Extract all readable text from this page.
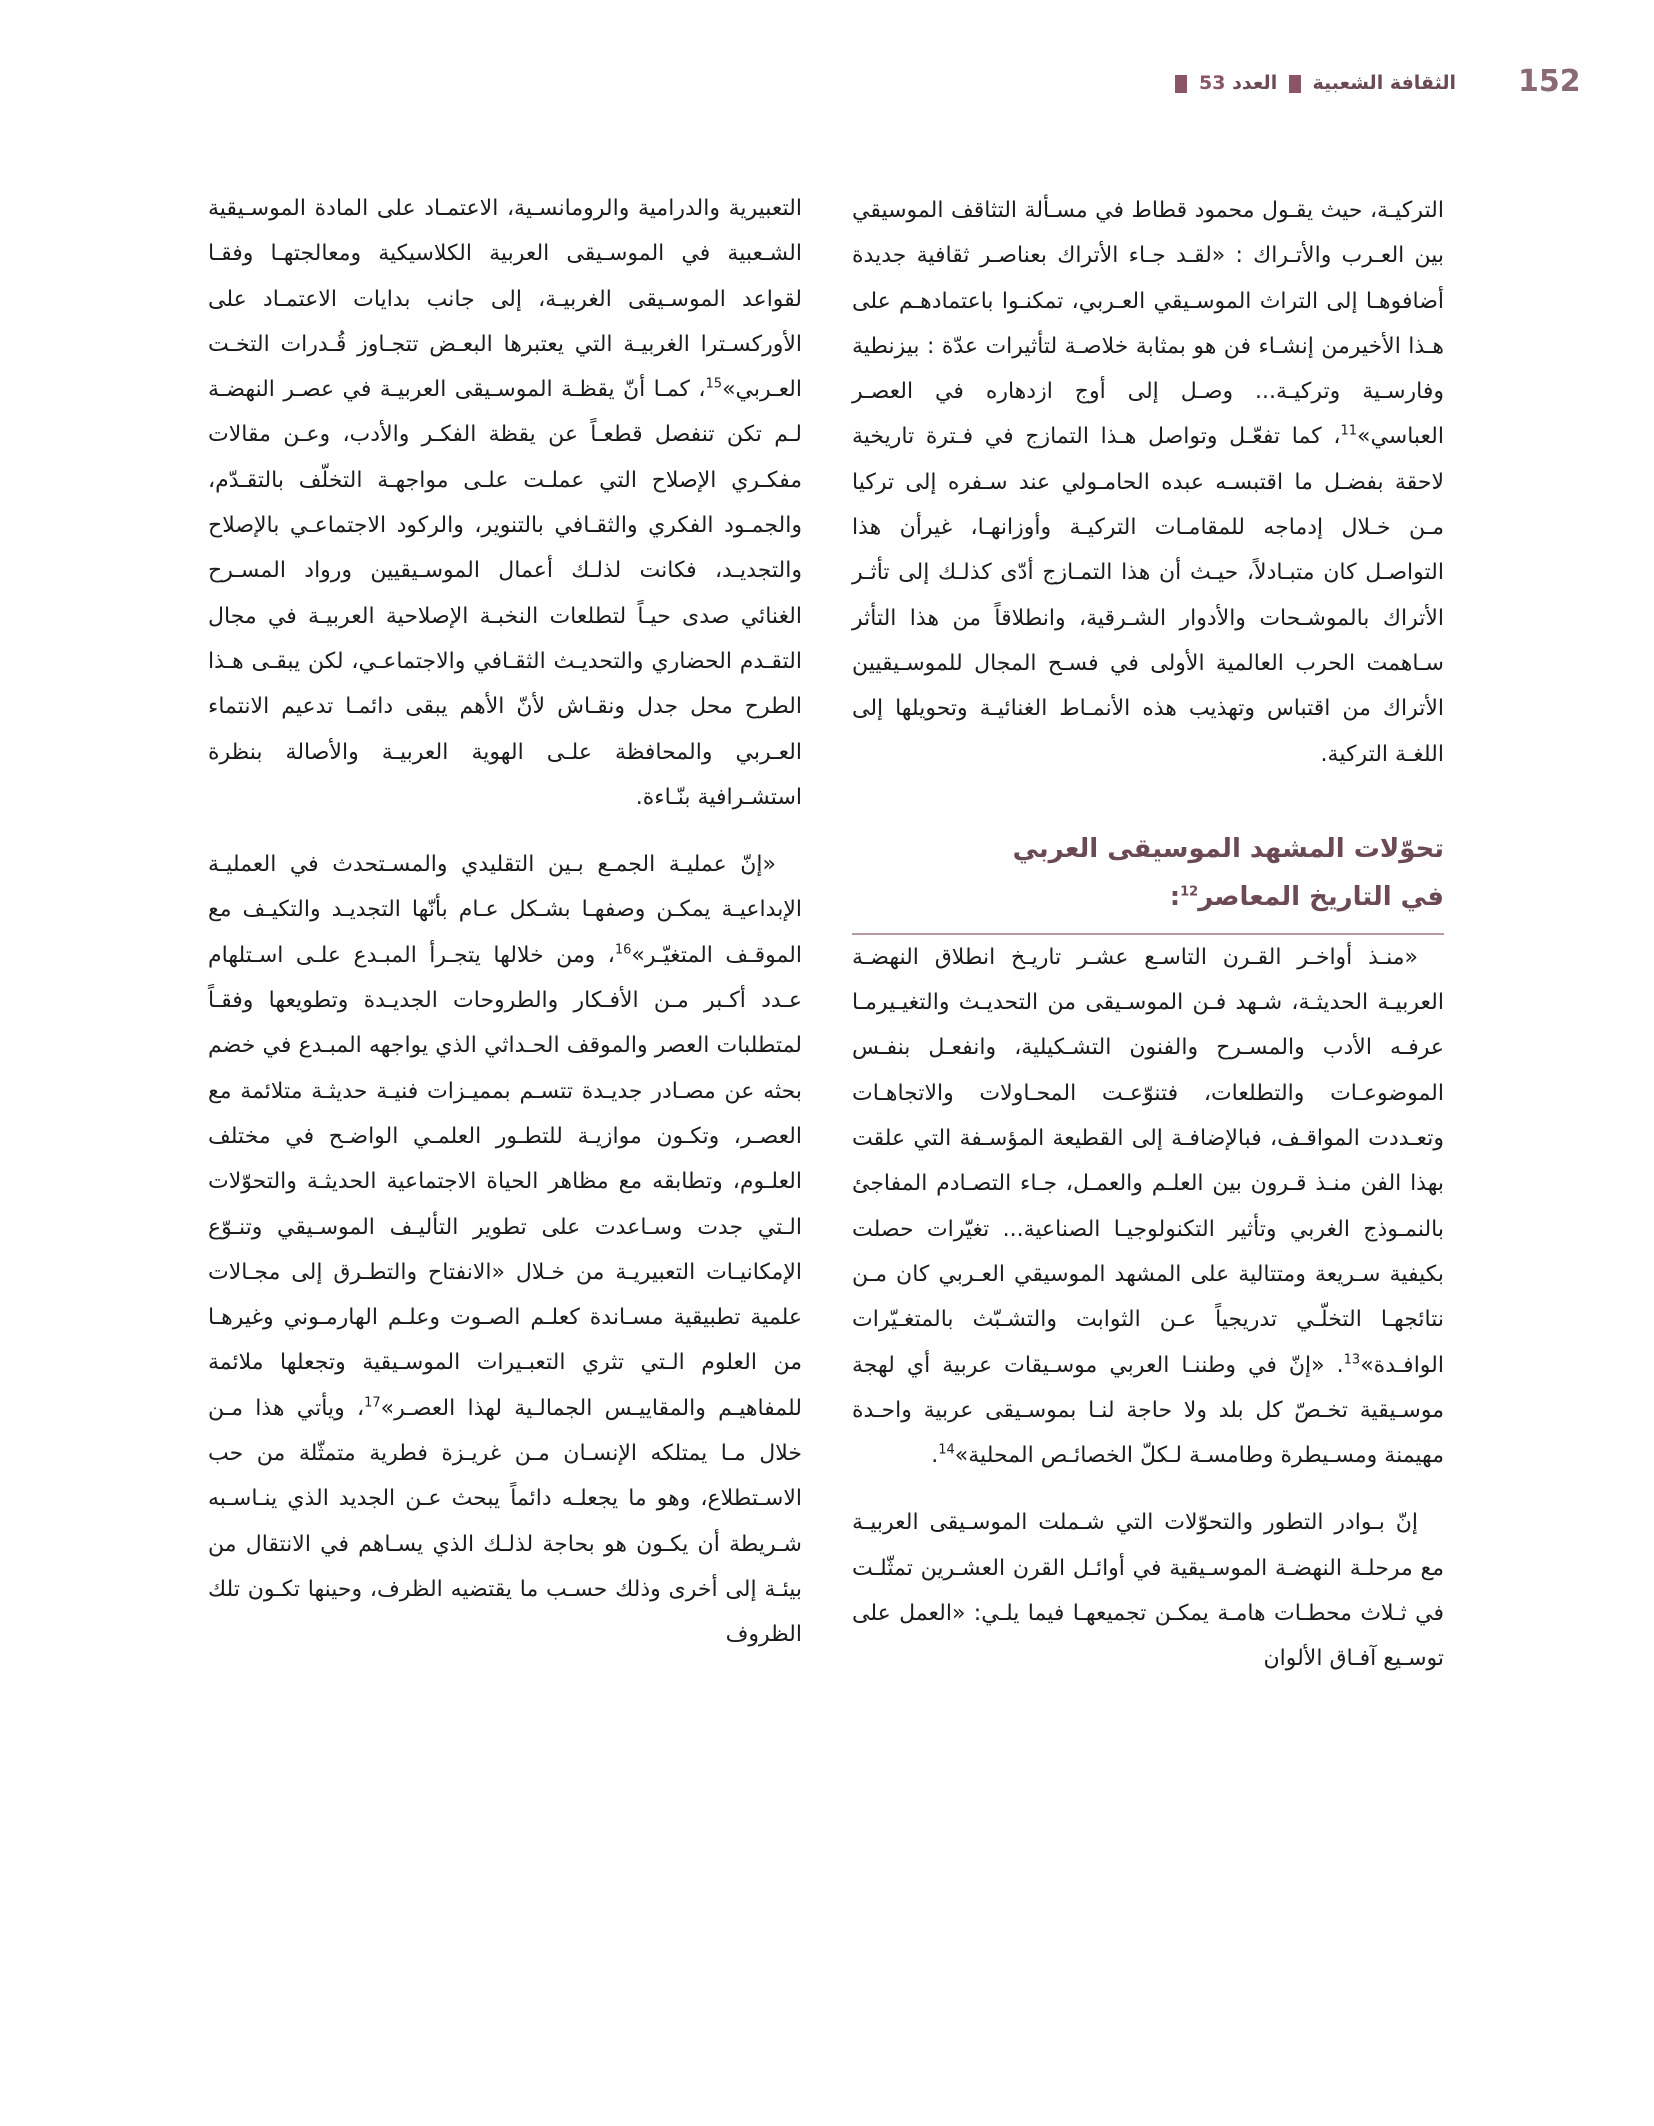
152
الثقافة الشعبية  العدد 53

التركيـة، حيث يقـول محمود قطاط في مسـألة التثاقف الموسيقي بين العـرب والأتـراك : «لقـد جـاء الأتراك بعناصـر ثقافية جديدة أضافوهـا إلى التراث الموسـيقي العـربي، تمكنـوا باعتمادهـم على هـذا الأخيرمن إنشـاء فن هو بمثابة خلاصـة لتأثيرات عدّة : بيزنطية وفارسـية وتركيـة... وصـل إلى أوج ازدهاره في العصـر العباسي»$^{11}$، كما تفعّـل وتواصل هـذا التمازج في فـترة تاريخية لاحقة بفضـل ما اقتبسـه عبده الحامـولي عند سـفره إلى تركيا مـن خـلال إدماجه للمقامـات التركيـة وأوزانهـا، غيرأن هذا التواصـل كان متبـادلاً، حيـث أن هذا التمـازج أدّى كذلـك إلى تأثـر الأتراك بالموشـحات والأدوار الشـرقية، وانطلاقاً من هذا التأثر سـاهمت الحرب العالمية الأولى في فسـح المجال للموسـيقيين الأتراك من اقتباس وتهذيب هذه الأنمـاط الغنائيـة وتحويلها إلى اللغـة التركية.

تحوّلات المشهد الموسيقى العربي
في التاريخ المعاصر$^{12}$:

«منـذ أواخـر القـرن التاسـع عشـر تاريـخ انطلاق النهضـة العربيـة الحديثـة، شـهد فـن الموسـيقى من التحديـث والتغيـيرمـا عرفـه الأدب والمسـرح والفنون التشـكيلية، وانفعـل بنفـس الموضوعـات والتطلعات، فتنوّعـت المحـاولات والاتجاهـات وتعـددت المواقـف، فبالإضافـة إلى القطيعة المؤسـفة التي علقت بهذا الفن منـذ قـرون بين العلـم والعمـل، جـاء التصـادم المفاجئ بالنمـوذج الغربي وتأثير التكنولوجيـا الصناعية... تغيّرات حصلت بكيفية سـريعة ومتتالية على المشهد الموسيقي العـربي كان مـن نتائجهـا التخلّـي تدريجياً عـن الثوابت والتشـبّث بالمتغـيّرات الوافـدة»$^{13}$. «إنّ في وطننـا العربي موسـيقات عربية أي لهجة موسـيقية تخـصّ كل بلد ولا حاجة لنـا بموسـيقى عربية واحـدة مهيمنة ومسـيطرة وطامسـة لـكلّ الخصائـص المحلية»$^{14}$.

إنّ بـوادر التطور والتحوّلات التي شـملت الموسـيقى العربيـة مع مرحلـة النهضـة الموسـيقية في أوائـل القرن العشـرين تمثّلـت في ثـلاث محطـات هامـة يمكـن تجميعهـا فيما يلـي: «العمل على توسـيع آفـاق الألوان

التعبيرية والدرامية والرومانسـية، الاعتمـاد على المادة الموسـيقية الشـعبية في الموسـيقى العربية الكلاسيكية ومعالجتهـا وفقـا لقواعد الموسـيقى الغربيـة، إلى جانب بدايات الاعتمـاد على الأوركسـترا الغربيـة التي يعتبرها البعـض تتجـاوز قُـدرات التخـت العـربي»$^{15}$، كمـا أنّ يقظـة الموسـيقى العربيـة في عصـر النهضـة لـم تكن تنفصل قطعـاً عن يقظة الفكـر والأدب، وعـن مقالات مفكـري الإصلاح التي عملـت علـى مواجهـة التخلّف بالتقـدّم، والجمـود الفكري والثقـافي بالتنوير، والركود الاجتماعـي بالإصلاح والتجديـد، فكانت لذلـك أعمال الموسـيقيين ورواد المسـرح الغنائي صدى حيـاً لتطلعات النخبـة الإصلاحية العربيـة في مجال التقـدم الحضاري والتحديـث الثقـافي والاجتماعـي، لكن يبقـى هـذا الطرح محل جدل ونقـاش لأنّ الأهم يبقى دائمـا تدعيم الانتماء العـربي والمحافظة علـى الهوية العربيـة والأصالة بنظرة استشـرافية بنّـاءة.

«إنّ عمليـة الجمـع بـين التقليدي والمسـتحدث في العمليـة الإبداعيـة يمكـن وصفهـا بشـكل عـام بأنّها التجديـد والتكيـف مع الموقـف المتغيّـر»$^{16}$، ومن خلالها يتجـرأ المبـدع علـى اسـتلهام عـدد أكـبر مـن الأفـكار والطروحات الجديـدة وتطويعها وفقـاً لمتطلبات العصر والموقف الحـداثي الذي يواجهه المبـدع في خضم بحثه عن مصـادر جديـدة تتسـم بمميـزات فنيـة حديثـة متلائمة مع العصـر، وتكـون موازيـة للتطـور العلمـي الواضـح في مختلف العلـوم، وتطابقه مع مظاهر الحياة الاجتماعية الحديثـة والتحوّلات الـتي جدت وسـاعدت على تطوير التأليـف الموسـيقي وتنـوّع الإمكانيـات التعبيريـة من خـلال «الانفتاح والتطـرق إلى مجـالات علمية تطبيقية مسـاندة كعلـم الصـوت وعلـم الهارمـوني وغيرهـا من العلوم الـتي تثري التعبـيرات الموسـيقية وتجعلها ملائمة للمفاهيـم والمقاييـس الجمالـية لهذا العصـر»$^{17}$، ويأتي هذا مـن خلال مـا يمتلكه الإنسـان مـن غريـزة فطرية متمثّلة من حب الاسـتطلاع، وهو ما يجعلـه دائماً يبحث عـن الجديد الذي ينـاسـبه شـريطة أن يكـون هو بحاجة لذلـك الذي يسـاهم في الانتقال من بيئـة إلى أخرى وذلك حسـب ما يقتضيه الظرف، وحينها تكـون تلك الظروف
